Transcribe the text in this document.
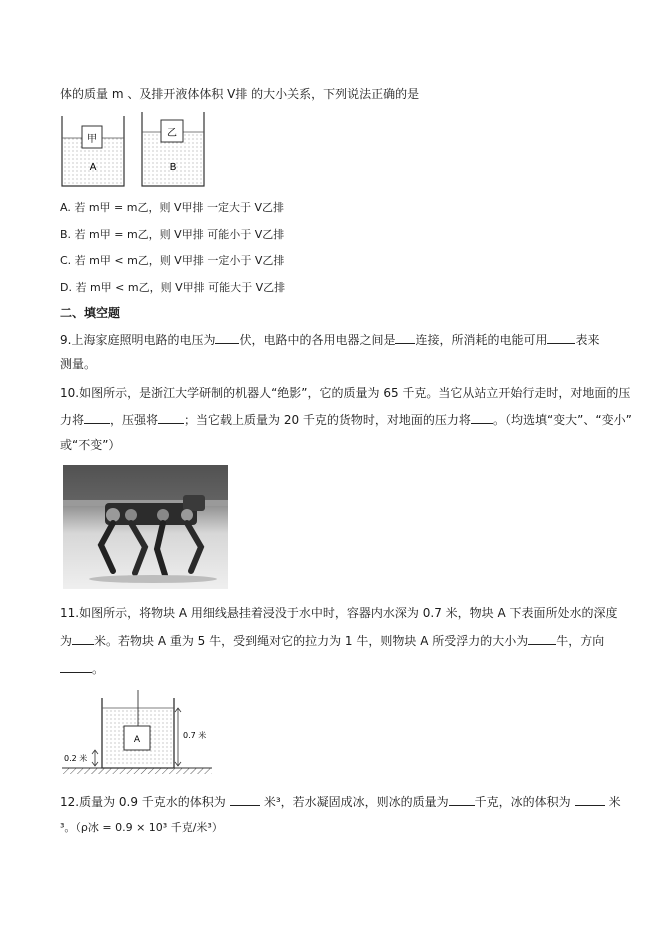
体的质量 m 、及排开液体体积 V排 的大小关系，下列说法正确的是
甲
A
乙
B
A. 若 m甲 = m乙，则 V甲排 一定大于 V乙排
B. 若 m甲 = m乙，则 V甲排 可能小于 V乙排
C. 若 m甲 < m乙，则 V甲排 一定小于 V乙排
D. 若 m甲 < m乙，则 V甲排 可能大于 V乙排
二、填空题
9.上海家庭照明电路的电压为 伏，电路中的各用电器之间是 连接，所消耗的电能可用 表来
测量。
10.如图所示，是浙江大学研制的机器人“绝影”，它的质量为 65 千克。当它从站立开始行走时，对地面的压
力将 ，压强将 ；当它载上质量为 20 千克的货物时，对地面的压力将 。（均选填“变大”、“变小”
或“不变”）
11.如图所示，将物块 A 用细线悬挂着浸没于水中时，容器内水深为 0.7 米，物块 A 下表面所处水的深度
为 米。若物块 A 重为 5 牛，受到绳对它的拉力为 1 牛，则物块 A 所受浮力的大小为 牛，方向
。
A	0.7 米
0.2 米
12.质量为 0.9 千克水的体积为	米³，若水凝固成冰，则冰的质量为 千克，冰的体积为	米
³。（ρ冰 = 0.9 × 10³ 千克/米³）
